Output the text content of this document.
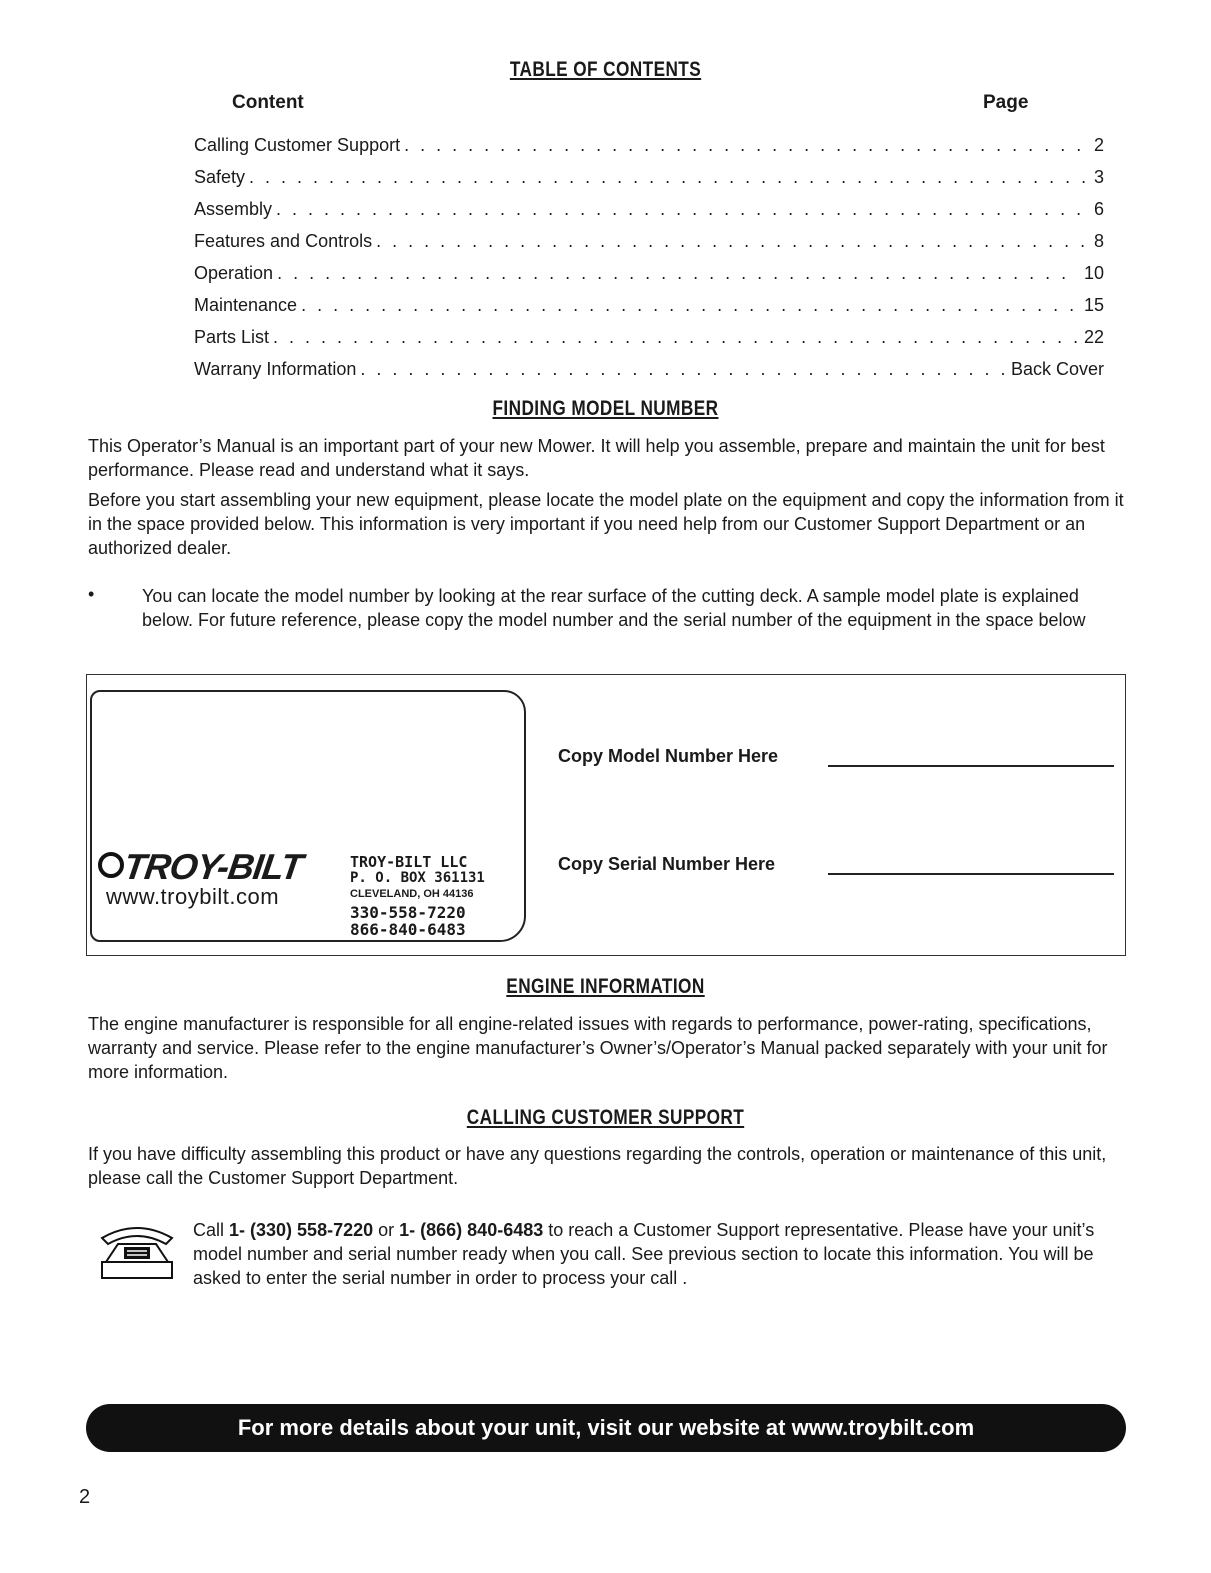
TABLE OF CONTENTS
Content	Page
Calling Customer Support . . .	2
Safety . . .	3
Assembly . . .	6
Features and Controls . . .	8
Operation . . .	10
Maintenance . . .	15
Parts List . . .	22
Warrany Information . . .	Back Cover
FINDING MODEL NUMBER
This Operator’s Manual is an important part of your new Mower. It will help you assemble, prepare and maintain the unit for best performance. Please read and understand what it says.
Before you start assembling your new equipment, please locate the model plate on the equipment and copy the information from it in the space provided below. This information is very important if you need help from our Customer Support Department or an authorized dealer.
•	You can locate the model number by looking at the rear surface of the cutting deck. A sample model plate is explained below. For future reference, please copy the model number and the serial number of the equipment in the space below
TROY-BILT
www.troybilt.com
TROY-BILT LLC
P. O. BOX 361131
CLEVELAND, OH 44136
330-558-7220
866-840-6483
Copy Model Number Here
Copy Serial Number Here
ENGINE INFORMATION
The engine manufacturer is responsible for all engine-related issues with regards to performance, power-rating, specifications, warranty and service. Please refer to the engine manufacturer’s Owner’s/Operator’s Manual packed separately with your unit for more information.
CALLING CUSTOMER SUPPORT
If you have difficulty assembling this product or have any questions regarding the controls, operation or maintenance of this unit, please call the Customer Support Department.
Call 1- (330) 558-7220 or 1- (866) 840-6483 to reach a Customer Support representative. Please have your unit’s model number and serial number ready when you call. See previous section to locate this information. You will be asked to enter the serial number in order to process your call .
For more details about your unit, visit our website at www.troybilt.com
2
